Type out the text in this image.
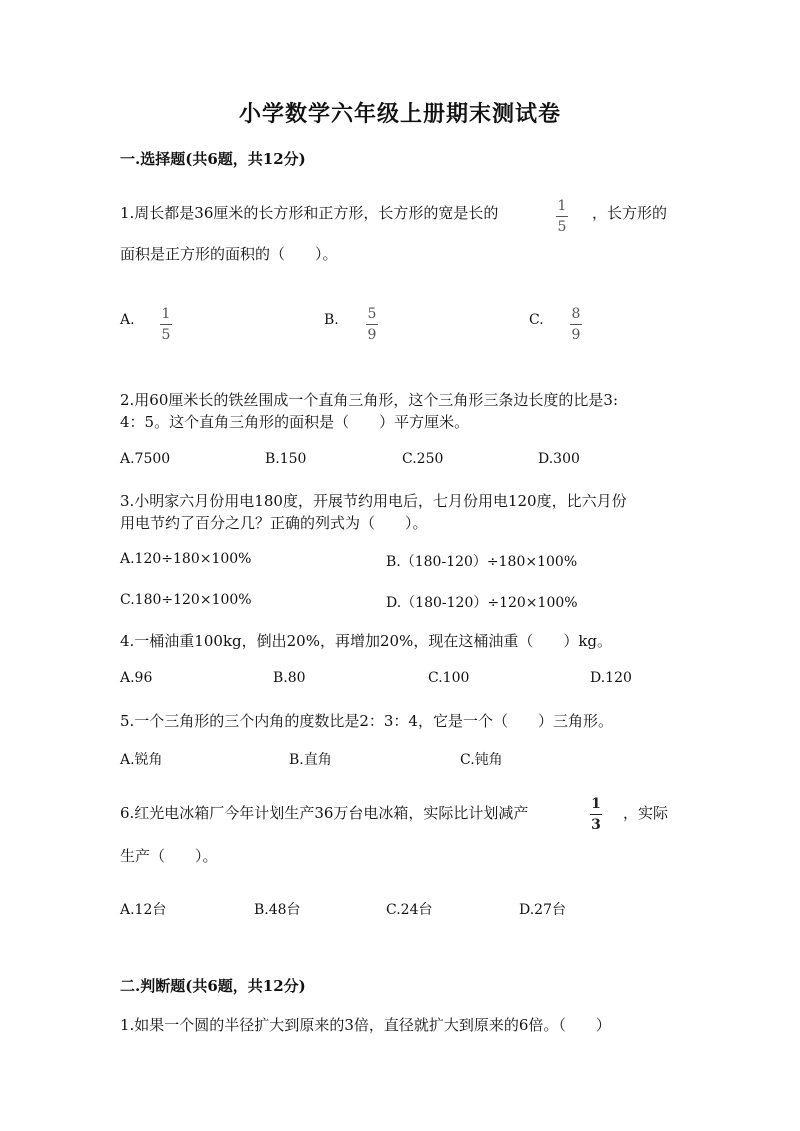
小学数学六年级上册期末测试卷
一.选择题(共6题，共12分)
1.周长都是36厘米的长方形和正方形，长方形的宽是长的	1
5
，长方形的
面积是正方形的面积的（　　）。
A. 1
5
B. 5
9
C. 8
9
2.用60厘米长的铁丝围成一个直角三角形，这个三角形三条边长度的比是3:
4：5。这个直角三角形的面积是（　　）平方厘米。
A.7500	B.150	C.250	D.300
3.小明家六月份用电180度，开展节约用电后，七月份用电120度，比六月份
用电节约了百分之几？正确的列式为（　　）。
A.120÷180×100%	B.（180-120）÷180×100%
C.180÷120×100%	D.（180-120）÷120×100%
4.一桶油重100kg，倒出20%，再增加20%，现在这桶油重（　　）kg。
A.96	B.80	C.100	D.120
5.一个三角形的三个内角的度数比是2：3：4，它是一个（　　）三角形。
A.锐角	B.直角	C.钝角
6.红光电冰箱厂今年计划生产36万台电冰箱，实际比计划减产	1
3
，实际
生产（　　）。
A.12台	B.48台	C.24台	D.27台
二.判断题(共6题，共12分)
1.如果一个圆的半径扩大到原来的3倍，直径就扩大到原来的6倍。（　　）
